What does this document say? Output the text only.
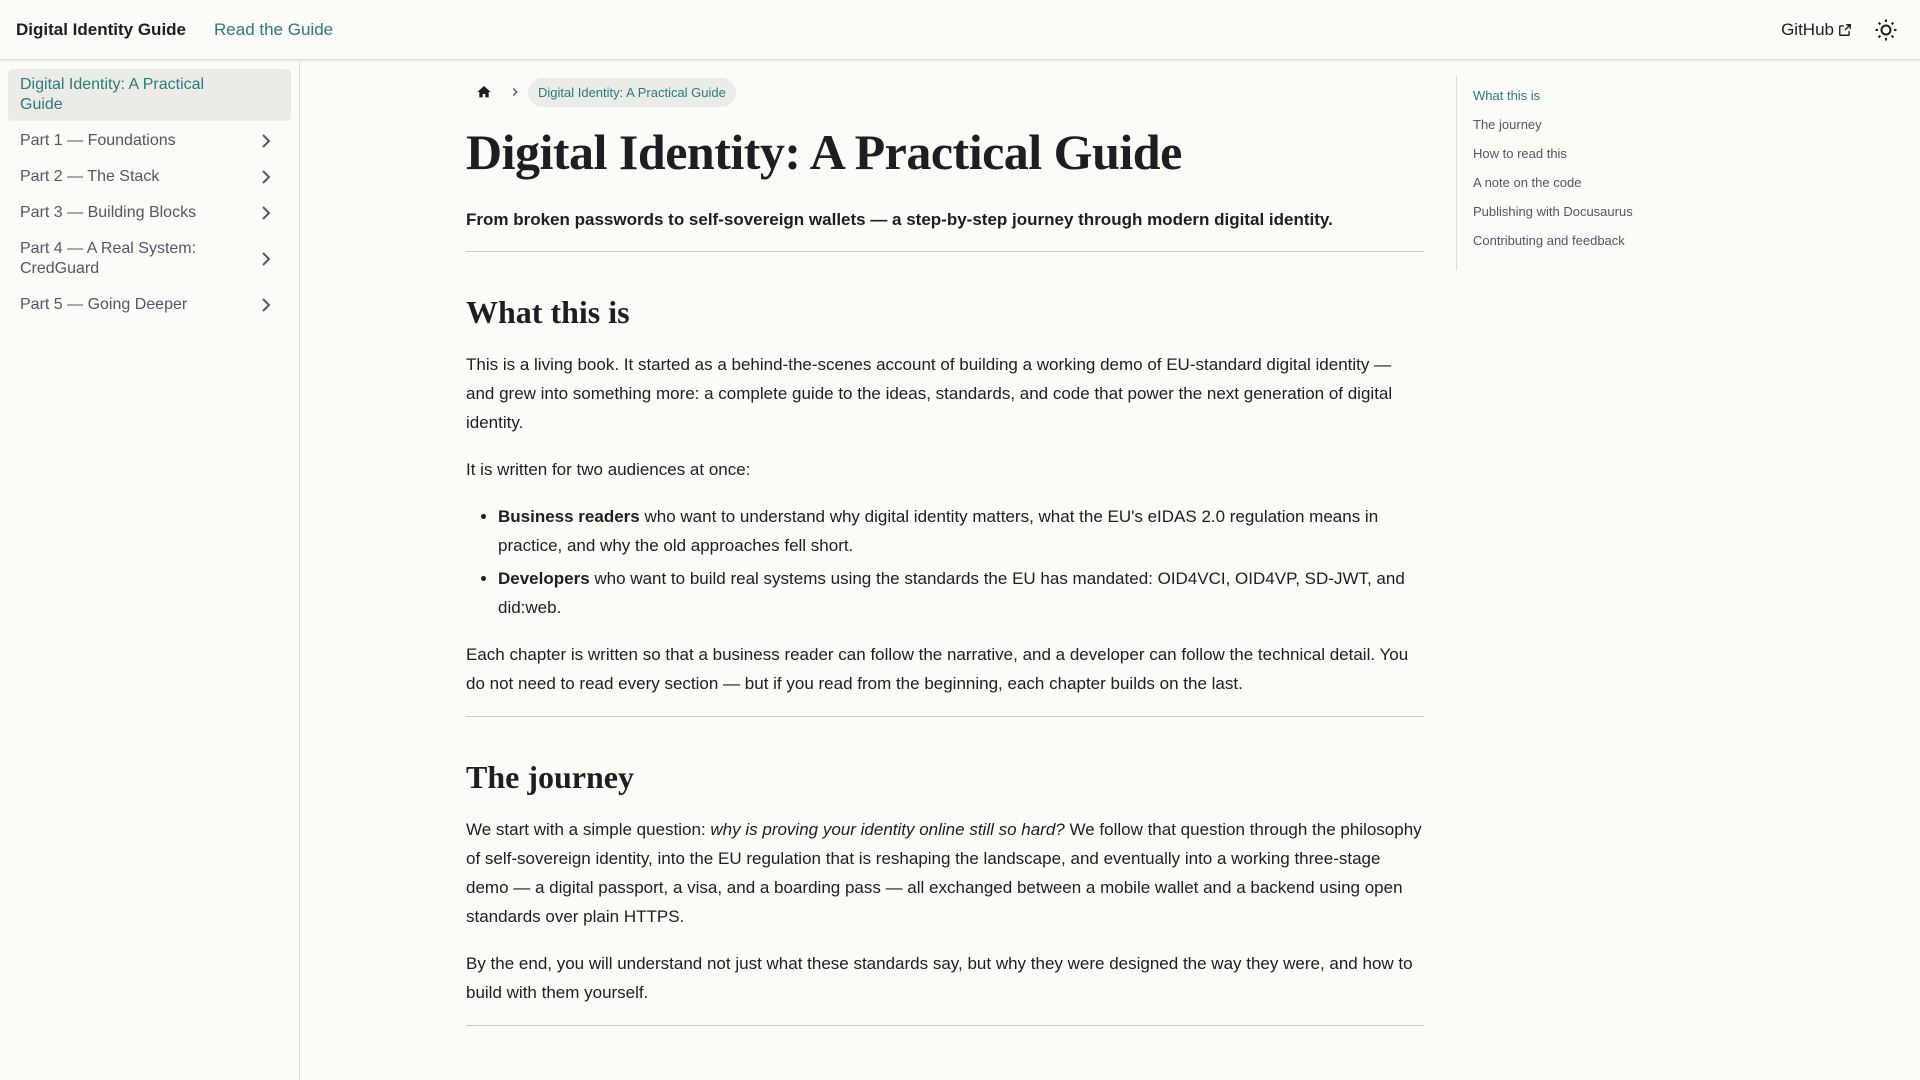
Digital Identity Guide Read the Guide	GitHub
Digital Identity: A Practical Guide
Part 1 — Foundations
Part 2 — The Stack
Part 3 — Building Blocks
Part 4 — A Real System: CredGuard
Part 5 — Going Deeper
Digital Identity: A Practical Guide
Digital Identity: A Practical Guide

From broken passwords to self-sovereign wallets — a step-by-step journey through modern digital identity.

What this is

This is a living book. It started as a behind-the-scenes account of building a working demo of EU-standard digital identity — and grew into something more: a complete guide to the ideas, standards, and code that power the next generation of digital identity.

It is written for two audiences at once:

• Business readers who want to understand why digital identity matters, what the EU's eIDAS 2.0 regulation means in practice, and why the old approaches fell short.
• Developers who want to build real systems using the standards the EU has mandated: OID4VCI, OID4VP, SD-JWT, and did:web.

Each chapter is written so that a business reader can follow the narrative, and a developer can follow the technical detail. You do not need to read every section — but if you read from the beginning, each chapter builds on the last.

The journey

We start with a simple question: why is proving your identity online still so hard? We follow that question through the philosophy of self-sovereign identity, into the EU regulation that is reshaping the landscape, and eventually into a working three-stage demo — a digital passport, a visa, and a boarding pass — all exchanged between a mobile wallet and a backend using open standards over plain HTTPS.

By the end, you will understand not just what these standards say, but why they were designed the way they were, and how to build with them yourself.

What this is
The journey
How to read this
A note on the code
Publishing with Docusaurus
Contributing and feedback
